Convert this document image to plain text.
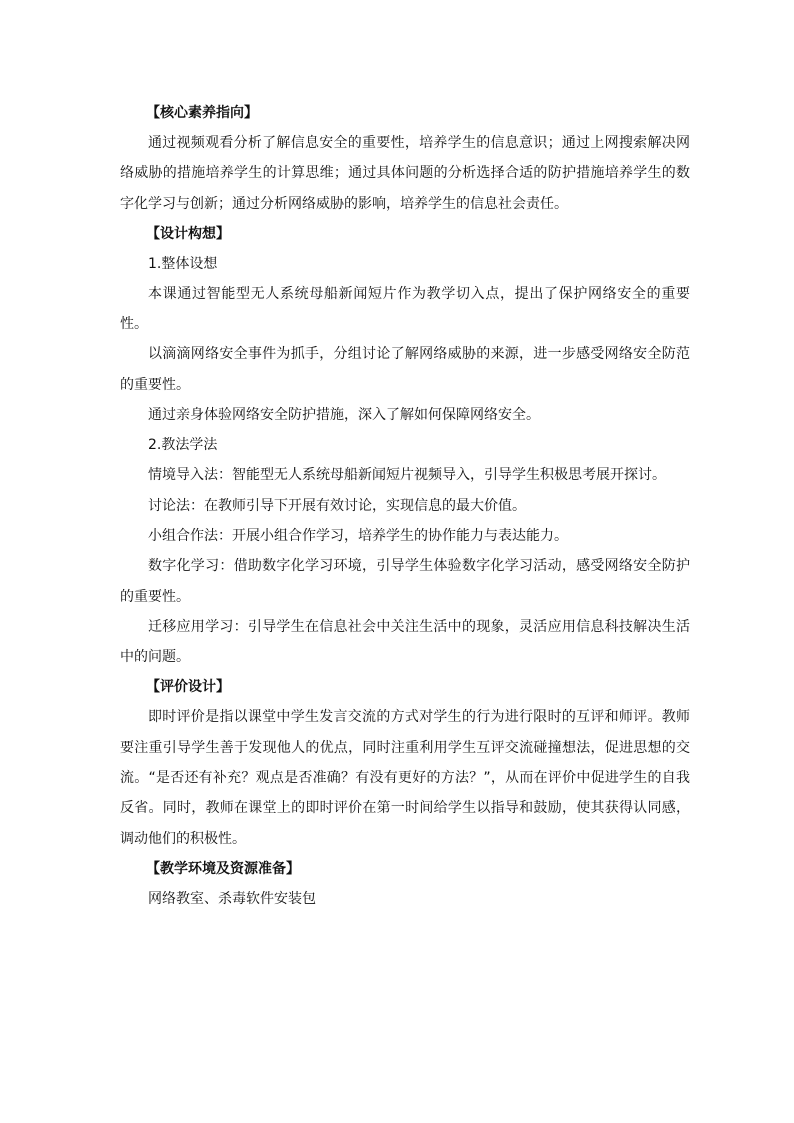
【核心素养指向】

通过视频观看分析了解信息安全的重要性，培养学生的信息意识；通过上网搜索解决网络威胁的措施培养学生的计算思维；通过具体问题的分析选择合适的防护措施培养学生的数字化学习与创新；通过分析网络威胁的影响，培养学生的信息社会责任。

【设计构想】
1.整体设想

本课通过智能型无人系统母船新闻短片作为教学切入点，提出了保护网络安全的重要性。

以滴滴网络安全事件为抓手，分组讨论了解网络威胁的来源，进一步感受网络安全防范的重要性。

通过亲身体验网络安全防护措施，深入了解如何保障网络安全。

2.教法学法

情境导入法：智能型无人系统母船新闻短片视频导入，引导学生积极思考展开探讨。

讨论法：在教师引导下开展有效讨论，实现信息的最大价值。

小组合作法：开展小组合作学习，培养学生的协作能力与表达能力。

数字化学习：借助数字化学习环境，引导学生体验数字化学习活动，感受网络安全防护的重要性。

迁移应用学习：引导学生在信息社会中关注生活中的现象，灵活应用信息科技解决生活中的问题。

【评价设计】

即时评价是指以课堂中学生发言交流的方式对学生的行为进行限时的互评和师评。教师要注重引导学生善于发现他人的优点，同时注重利用学生互评交流碰撞想法，促进思想的交流。“是否还有补充？观点是否准确？有没有更好的方法？”，从而在评价中促进学生的自我反省。同时，教师在课堂上的即时评价在第一时间给学生以指导和鼓励，使其获得认同感，调动他们的积极性。

【教学环境及资源准备】

网络教室、杀毒软件安装包
